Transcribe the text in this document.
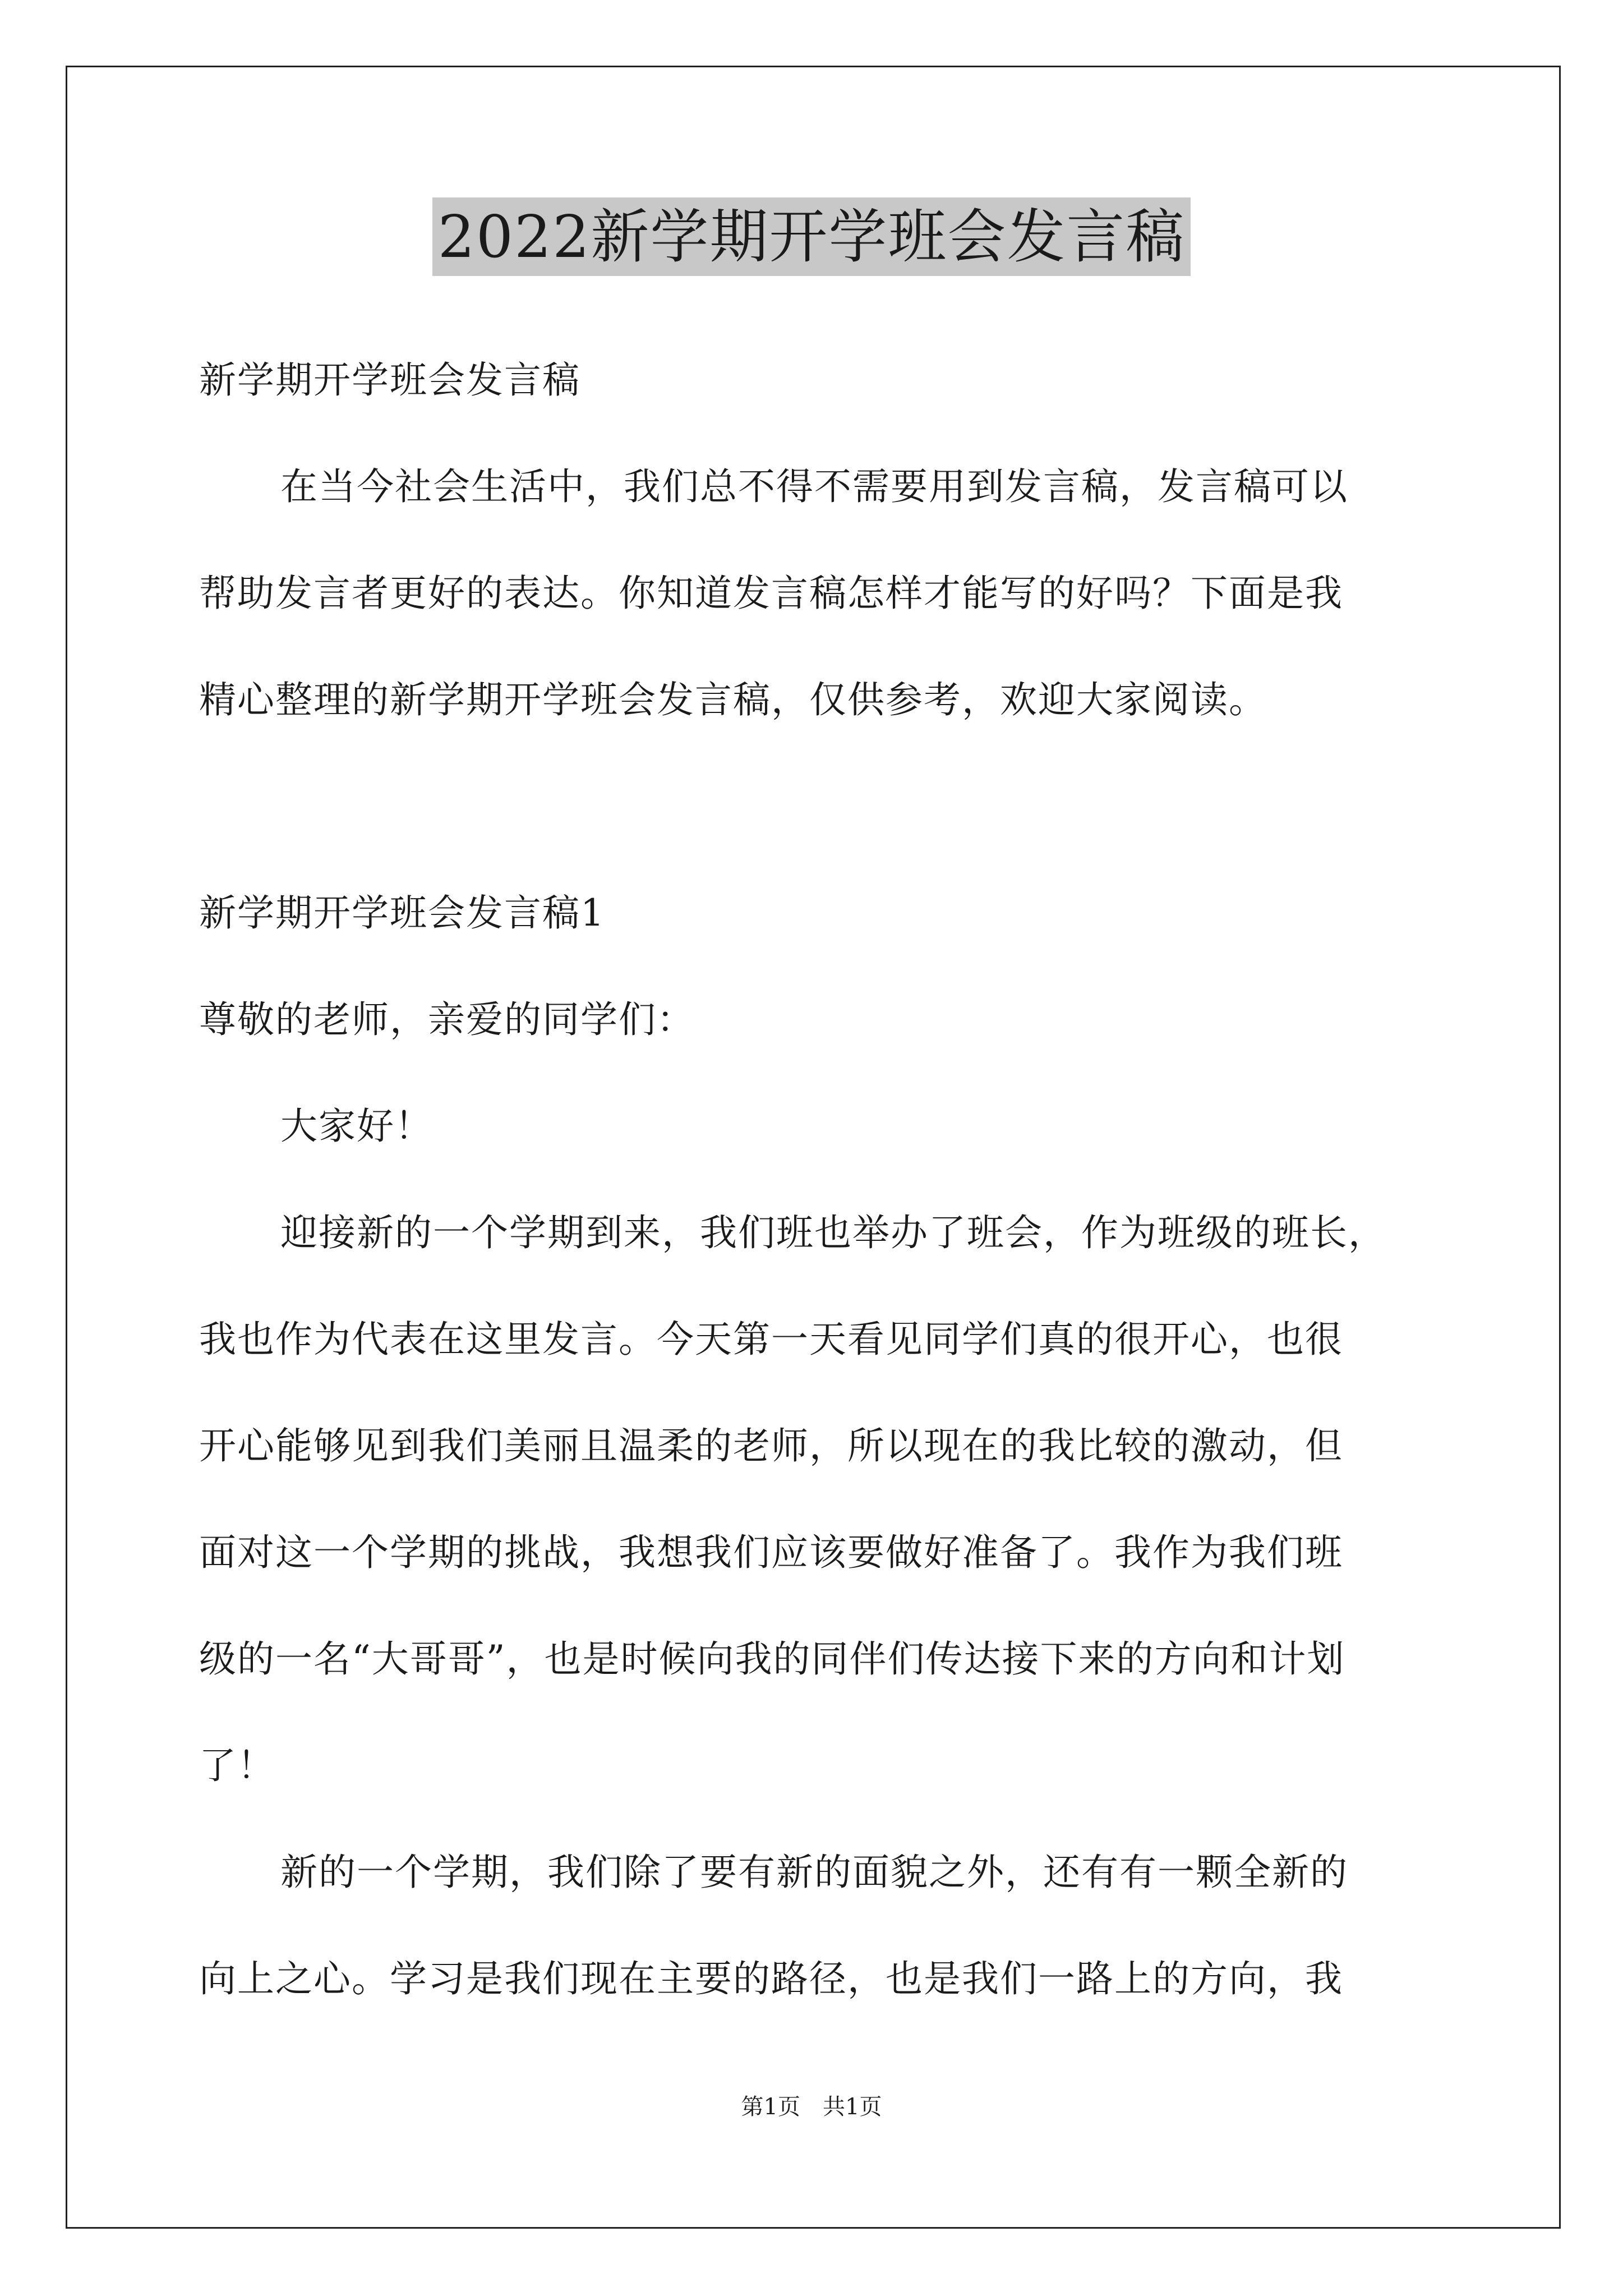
2022新学期开学班会发言稿
新学期开学班会发言稿
在当今社会生活中，我们总不得不需要用到发言稿，发言稿可以
帮助发言者更好的表达。你知道发言稿怎样才能写的好吗？下面是我
精心整理的新学期开学班会发言稿，仅供参考，欢迎大家阅读。
新学期开学班会发言稿1
尊敬的老师，亲爱的同学们：
大家好！
迎接新的一个学期到来，我们班也举办了班会，作为班级的班长，
我也作为代表在这里发言。今天第一天看见同学们真的很开心，也很
开心能够见到我们美丽且温柔的老师，所以现在的我比较的激动，但
面对这一个学期的挑战，我想我们应该要做好准备了。我作为我们班
级的一名“大哥哥”，也是时候向我的同伴们传达接下来的方向和计划
了！
新的一个学期，我们除了要有新的面貌之外，还有有一颗全新的
向上之心。学习是我们现在主要的路径，也是我们一路上的方向，我
第1页　共1页
